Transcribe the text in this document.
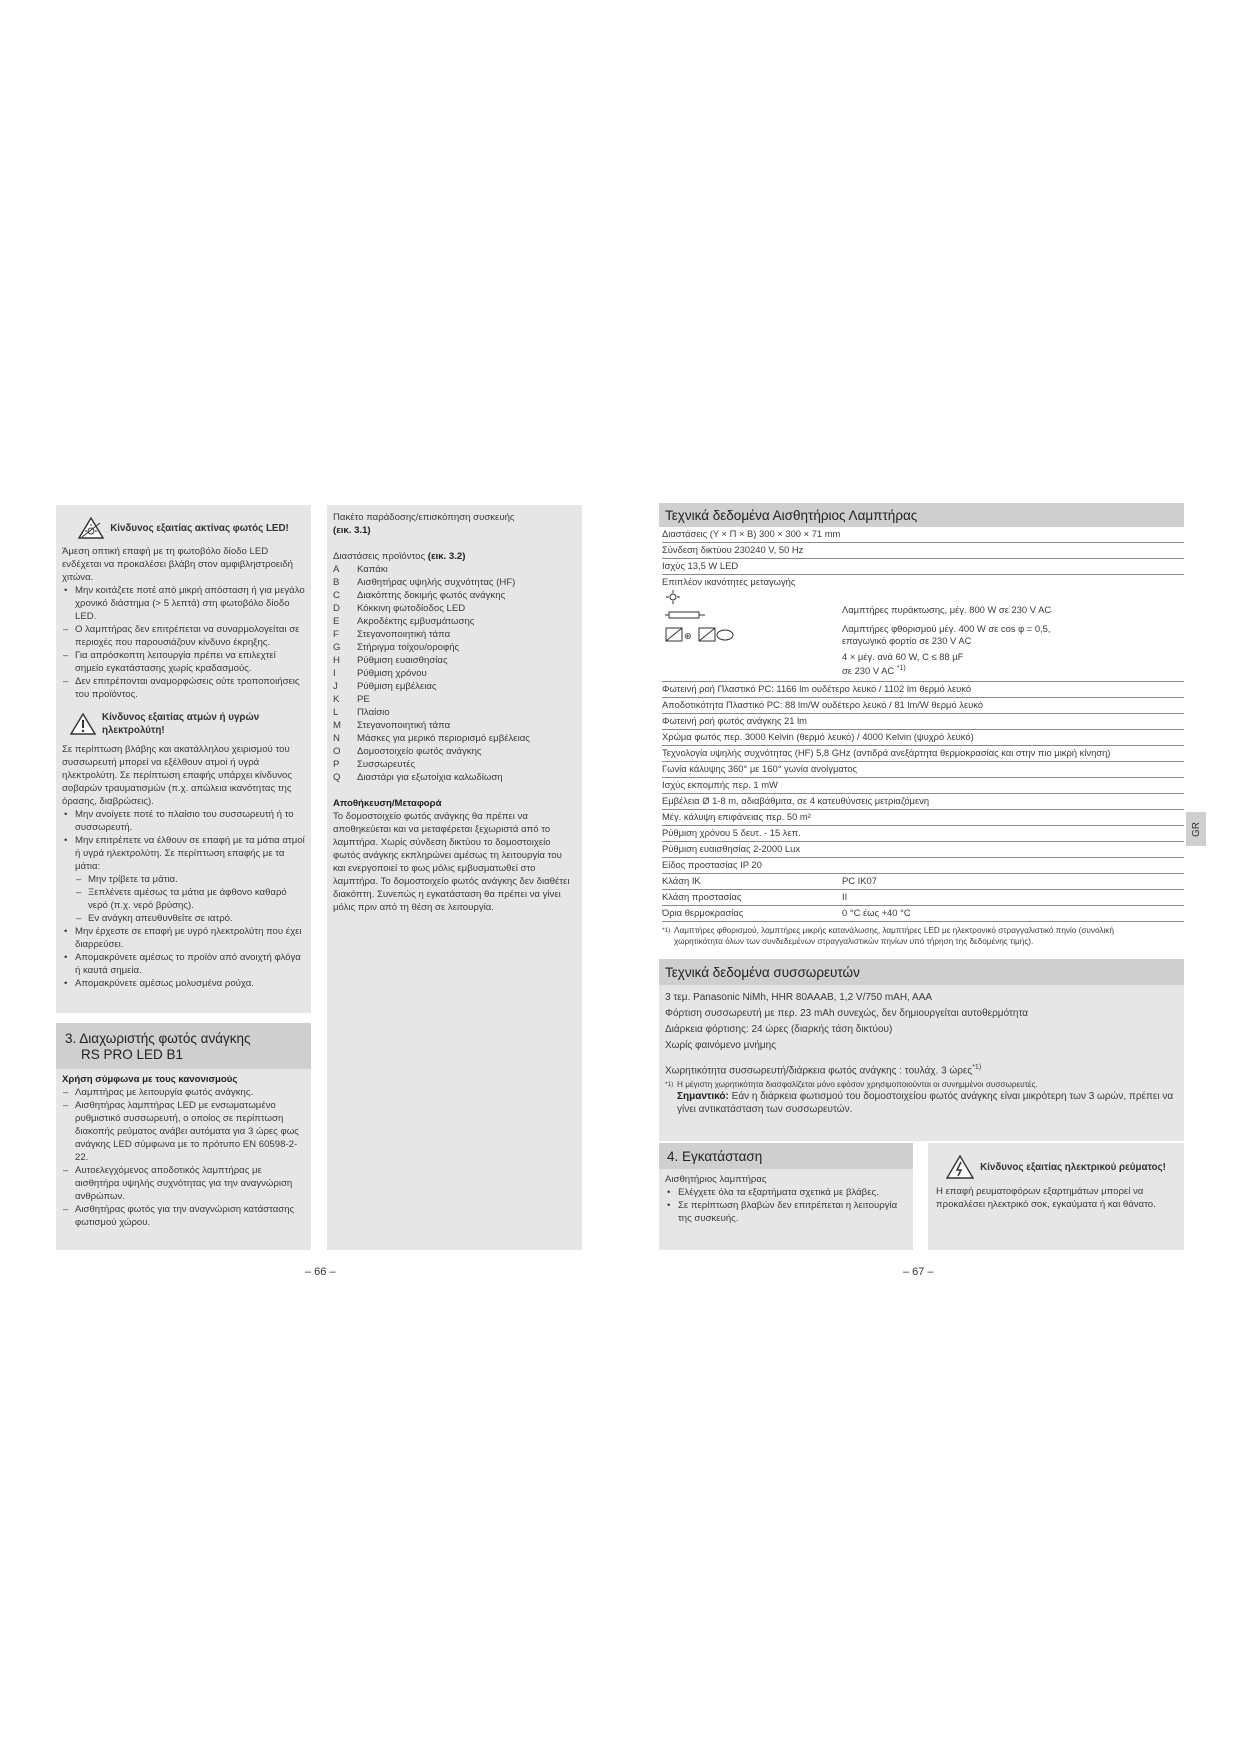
Κίνδυνος εξαιτίας ακτίνας φωτός LED!
Άμεση οπτική επαφή με τη φωτοβόλο δίοδο LED ενδέχεται να προκαλέσει βλάβη στον αμφιβληστροειδή χιτώνα.
• Μην κοιτάζετε ποτέ από μικρή απόσταση ή για μεγάλο χρονικό διάστημα (> 5 λεπτά) στη φωτοβόλο δίοδο LED.
– Ο λαμπτήρας δεν επιτρέπεται να συναρμολογείται σε περιοχές που παρουσιάζουν κίνδυνο έκρηξης.
– Για απρόσκοπτη λειτουργία πρέπει να επιλεχτεί σημείο εγκατάστασης χωρίς κραδασμούς.
– Δεν επιτρέπονται αναμορφώσεις ούτε τροποποιήσεις του προϊόντος.
Κίνδυνος εξαιτίας ατμών ή υγρών ηλεκτρολύτη!
Σε περίπτωση βλάβης και ακατάλληλου χειρισμού του συσσωρευτή μπορεί να εξέλθουν ατμοί ή υγρά ηλεκτρολύτη. Σε περίπτωση επαφής υπάρχει κίνδυνος σοβαρών τραυματισμών (π.χ. απώλεια ικανότητας της όρασης, διαβρώσεις).
• Μην ανοίγετε ποτέ το πλαίσιο του συσσωρευτή ή το συσσωρευτή.
• Μην επιτρέπετε να έλθουν σε επαφή με τα μάτια ατμοί ή υγρά ηλεκτρολύτη. Σε περίπτωση επαφής με τα μάτια:
– Μην τρίβετε τα μάτια.
– Ξεπλένετε αμέσως τα μάτια με άφθονο καθαρό νερό (π.χ. νερό βρύσης).
– Εν ανάγκη απευθυνθείτε σε ιατρό.
• Μην έρχεστε σε επαφή με υγρό ηλεκτρολύτη που έχει διαρρεύσει.
• Απομακρύνετε αμέσως το προϊόν από ανοιχτή φλόγα ή καυτά σημεία.
• Απομακρύνετε αμέσως μολυσμένα ρούχα.
3. Διαχωριστής φωτός ανάγκης
RS PRO LED B1
Χρήση σύμφωνα με τους κανονισμούς
– Λαμπτήρας με λειτουργία φωτός ανάγκης.
– Αισθητήρας λαμπτήρας LED με ενσωματωμένο ρυθμιστικό συσσωρευτή, ο οποίος σε περίπτωση διακοπής ρεύματος ανάβει αυτόματα για 3 ώρες φως ανάγκης LED σύμφωνα με το πρότυπο EN 60598-2-22.
– Αυτοελεγχόμενος αποδοτικός λαμπτήρας με αισθητήρα υψηλής συχνότητας για την αναγνώριση ανθρώπων.
– Αισθητήρας φωτός για την αναγνώριση κατάστασης φωτισμού χώρου.
Πακέτο παράδοσης/επισκόπηση συσκευής
(εικ. 3.1)
Διαστάσεις προϊόντος (εικ. 3.2)
A	Καπάκι
B	Αισθητήρας υψηλής συχνότητας (HF)
C	Διακόπτης δοκιμής φωτός ανάγκης
D	Κόκκινη φωτοδίοδος LED
E	Ακροδέκτης εμβυσμάτωσης
F	Στεγανοποιητική τάπα
G	Στήριγμα τοίχου/οροφής
H	Ρύθμιση ευαισθησίας
I	Ρύθμιση χρόνου
J	Ρύθμιση εμβέλειας
K	PE
L	Πλαίσιο
M	Στεγανοποιητική τάπα
N	Μάσκες για μερικό περιορισμό εμβέλειας
O	Δομοστοιχείο φωτός ανάγκης
P	Συσσωρευτές
Q	Διαστάρι για εξωτοίχια καλωδίωση
Αποθήκευση/Μεταφορά
Το δομοστοιχείο φωτός ανάγκης θα πρέπει να αποθηκεύεται και να μεταφέρεται ξεχωριστά από το λαμπτήρα. Χωρίς σύνδεση δικτύου το δομοστοιχείο φωτός ανάγκης εκπληρώνει αμέσως τη λειτουργία του και ενεργοποιεί το φως μόλις εμβυσματωθεί στο λαμπτήρα. Το δομοστοιχείο φωτός ανάγκης δεν διαθέτει διακόπτη. Συνεπώς η εγκατάσταση θα πρέπει να γίνει μόλις πριν από τη θέση σε λειτουργία.
– 66 –
Τεχνικά δεδομένα Αισθητήριος Λαμπτήρας
Διαστάσεις (Υ × Π × Β) 300 × 300 × 71 mm
Σύνδεση δικτύου 230240 V, 50 Hz
Ισχύς 13,5 W LED

Επιπλέον ικανότητες μεταγωγής
⊕
Λαμπτήρες πυράκτωσης, μέγ. 800 W σε 230 V AC
Λαμπτήρες φθορισμού μέγ. 400 W σε cos φ = 0,5,
επαγωγικό φορτίο σε 230 V AC
4 × μέγ. ανά 60 W, C ≤ 88 µF
σε 230 V AC $^{*1)}$

Φωτεινή ροή Πλαστικό PC: 1166 lm ουδέτερο λευκό / 1102 lm θερμό λευκό
Αποδοτικότητα Πλαστικό PC: 88 lm/W ουδέτερο λευκό / 81 lm/W θερμό λευκό
Φωτεινή ροή φωτός ανάγκης 21 lm
Χρώμα φωτός περ. 3000 Kelvin (θερμό λευκό) / 4000 Kelvin (ψυχρό λευκό)
Τεχνολογία υψηλής συχνότητας (HF) 5,8 GHz (αντιδρά ανεξάρτητα θερμοκρασίας και στην πιο μικρή κίνηση)
Γωνία κάλυψης 360° με 160° γωνία ανοίγματος
Ισχύς εκπομπής περ. 1 mW
Εμβέλεια Ø 1-8 m, αδιαβάθμιτα, σε 4 κατευθύνσεις μετριαζόμενη
Μέγ. κάλυψη επιφάνειας περ. 50 m²
Ρύθμιση χρόνου 5 δευτ. - 15 λεπ.
Ρύθμιση ευαισθησίας 2-2000 Lux
Είδος προστασίας IP 20
Κλάση IK	PC IK07
Κλάση προστασίας	II
Όρια θερμοκρασίας	0 °C έως +40 °C
*1) Λαμπτήρες φθορισμού, λαμπτήρες μικρής κατανάλωσης, λαμπτήρες LED με ηλεκτρονικό στραγγαλιστικό πηνίο (συνολική
χωρητικότητα όλων των συνδεδεμένων στραγγαλιστικών πηνίων υπό τήρηση της δεδομένης τιμής).
GR
Τεχνικά δεδομένα συσσωρευτών
3 τεμ. Panasonic NiMh, HHR 80AAAB, 1,2 V/750 mAH, AAA
Φόρτιση συσσωρευτή με περ. 23 mAh συνεχώς, δεν δημιουργείται αυτοθερμότητα
Διάρκεια φόρτισης: 24 ώρες (διαρκής τάση δικτύου)
Χωρίς φαινόμενο μνήμης
Χωρητικότητα συσσωρευτή/διάρκεια φωτός ανάγκης : τουλάχ. 3 ώρες$^{*1)}$
*1) Η μέγιστη χωρητικότητα διασφαλίζεται μόνο εφόσον χρησιμοποιούνται οι συνημμένοι συσσωρευτές.
Σημαντικό: Εάν η διάρκεια φωτισμού του δομοστοιχείου φωτός ανάγκης είναι μικρότερη των 3 ωρών, πρέπει να γίνει αντικατάσταση των συσσωρευτών.
4. Εγκατάσταση
Αισθητήριος λαμπτήρας
• Ελέγχετε όλα τα εξαρτήματα σχετικά με βλάβες.
• Σε περίπτωση βλαβών δεν επιτρέπεται η λειτουργία της συσκευής.
Κίνδυνος εξαιτίας ηλεκτρικού ρεύματος!
Η επαφή ρευματοφόρων εξαρτημάτων μπορεί να προκαλέσει ηλεκτρικό σοκ, εγκαύματα ή και θάνατο.
– 67 –
